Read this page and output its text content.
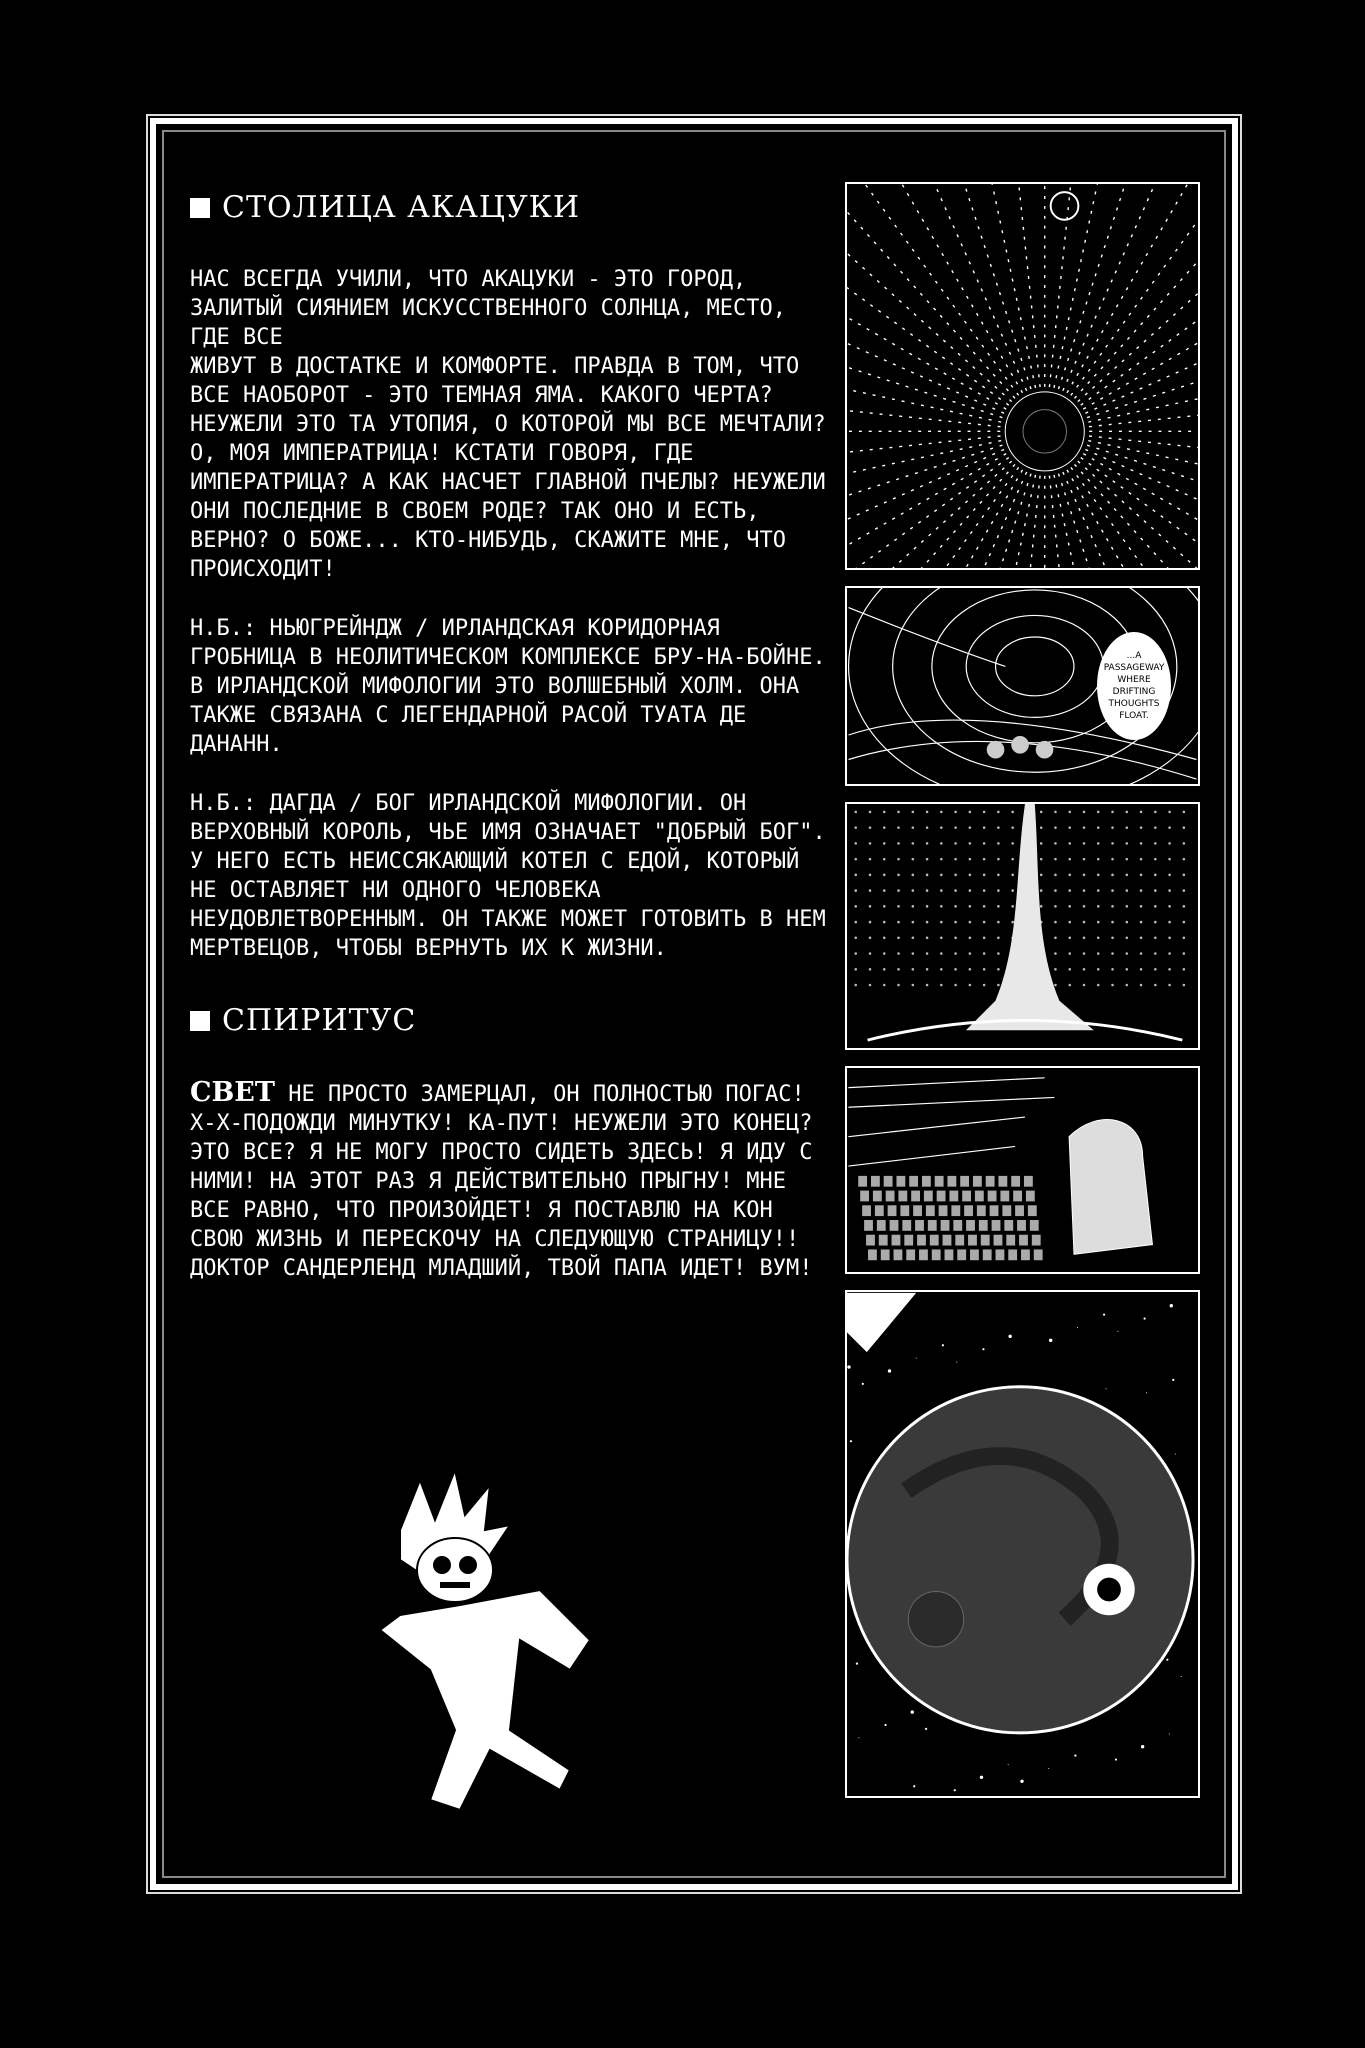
СТОЛИЦА АКАЦУКИ

НАС ВСЕГДА УЧИЛИ, ЧТО АКАЦУКИ - ЭТО ГОРОД, ЗАЛИТЫЙ СИЯНИЕМ ИСКУССТВЕННОГО СОЛНЦА, МЕСТО, ГДЕ ВСЕ
ЖИВУТ В ДОСТАТКЕ И КОМФОРТЕ. ПРАВДА В ТОМ, ЧТО ВСЕ НАОБОРОТ - ЭТО ТЕМНАЯ ЯМА. КАКОГО ЧЕРТА? НЕУЖЕЛИ ЭТО ТА УТОПИЯ, О КОТОРОЙ МЫ ВСЕ МЕЧТАЛИ? О, МОЯ ИМПЕРАТРИЦА! КСТАТИ ГОВОРЯ, ГДЕ ИМПЕРАТРИЦА? А КАК НАСЧЕТ ГЛАВНОЙ ПЧЕЛЫ? НЕУЖЕЛИ ОНИ ПОСЛЕДНИЕ В СВОЕМ РОДЕ? ТАК ОНО И ЕСТЬ, ВЕРНО? О БОЖЕ... КТО-НИБУДЬ, СКАЖИТЕ МНЕ, ЧТО ПРОИСХОДИТ!

Н.Б.: НЬЮГРЕЙНДЖ / ИРЛАНДСКАЯ КОРИДОРНАЯ ГРОБНИЦА В НЕОЛИТИЧЕСКОМ КОМПЛЕКСЕ БРУ-НА-БОЙНЕ. В ИРЛАНДСКОЙ МИФОЛОГИИ ЭТО ВОЛШЕБНЫЙ ХОЛМ. ОНА ТАКЖЕ СВЯЗАНА С ЛЕГЕНДАРНОЙ РАСОЙ ТУАТА ДЕ ДАНАНН.

Н.Б.: ДАГДА / БОГ ИРЛАНДСКОЙ МИФОЛОГИИ. ОН ВЕРХОВНЫЙ КОРОЛЬ, ЧЬЕ ИМЯ ОЗНАЧАЕТ "ДОБРЫЙ БОГ". У НЕГО ЕСТЬ НЕИССЯКАЮЩИЙ КОТЕЛ С ЕДОЙ, КОТОРЫЙ НЕ ОСТАВЛЯЕТ НИ ОДНОГО ЧЕЛОВЕКА НЕУДОВЛЕТВОРЕННЫМ. ОН ТАКЖЕ МОЖЕТ ГОТОВИТЬ В НЕМ МЕРТВЕЦОВ, ЧТОБЫ ВЕРНУТЬ ИХ К ЖИЗНИ.

СПИРИТУС

СВЕТ НЕ ПРОСТО ЗАМЕРЦАЛ, ОН ПОЛНОСТЬЮ ПОГАС! Х-Х-ПОДОЖДИ МИНУТКУ! КА-ПУТ! НЕУЖЕЛИ ЭТО КОНЕЦ? ЭТО ВСЕ? Я НЕ МОГУ ПРОСТО СИДЕТЬ ЗДЕСЬ! Я ИДУ С НИМИ! НА ЭТОТ РАЗ Я ДЕЙСТВИТЕЛЬНО ПРЫГНУ! МНЕ ВСЕ РАВНО, ЧТО ПРОИЗОЙДЕТ! Я ПОСТАВЛЮ НА КОН СВОЮ ЖИЗНЬ И ПЕРЕСКОЧУ НА СЛЕДУЮЩУЮ СТРАНИЦУ!! ДОКТОР САНДЕРЛЕНД МЛАДШИЙ, ТВОЙ ПАПА ИДЕТ! ВУМ!

...A PASSAGEWAY WHERE DRIFTING THOUGHTS FLOAT.
